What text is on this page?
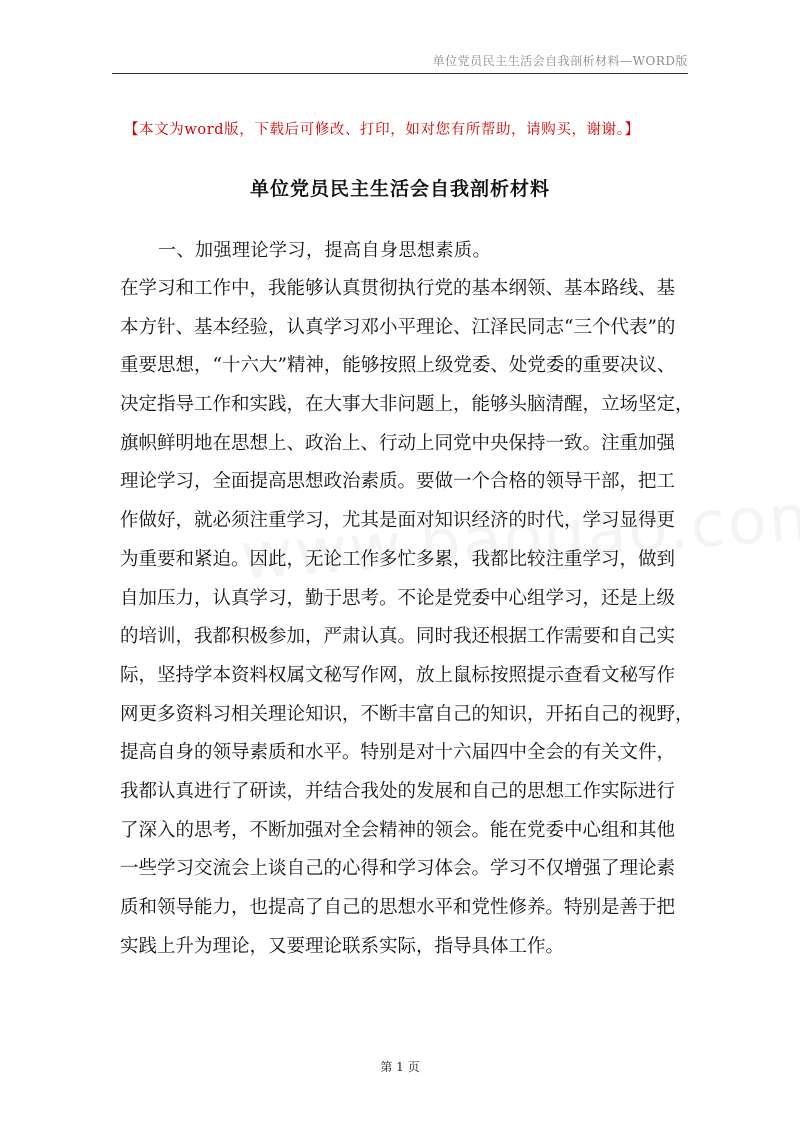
单位党员民主生活会自我剖析材料—WORD版
【本文为word版，下载后可修改、打印，如对您有所帮助，请购买，谢谢。】
单位党员民主生活会自我剖析材料
一、加强理论学习，提高自身思想素质。
在学习和工作中，我能够认真贯彻执行党的基本纲领、基本路线、基
本方针、基本经验，认真学习邓小平理论、江泽民同志“三个代表”的
重要思想，“十六大”精神，能够按照上级党委、处党委的重要决议、
决定指导工作和实践，在大事大非问题上，能够头脑清醒，立场坚定，
旗帜鲜明地在思想上、政治上、行动上同党中央保持一致。注重加强
理论学习，全面提高思想政治素质。要做一个合格的领导干部，把工
作做好，就必须注重学习，尤其是面对知识经济的时代，学习显得更
为重要和紧迫。因此，无论工作多忙多累，我都比较注重学习，做到
自加压力，认真学习，勤于思考。不论是党委中心组学习，还是上级
的培训，我都积极参加，严肃认真。同时我还根据工作需要和自己实
际，坚持学本资料权属文秘写作网，放上鼠标按照提示查看文秘写作
网更多资料习相关理论知识，不断丰富自己的知识，开拓自己的视野，
提高自身的领导素质和水平。特别是对十六届四中全会的有关文件，
我都认真进行了研读，并结合我处的发展和自己的思想工作实际进行
了深入的思考，不断加强对全会精神的领会。能在党委中心组和其他
一些学习交流会上谈自己的心得和学习体会。学习不仅增强了理论素
质和领导能力，也提高了自己的思想水平和党性修养。特别是善于把
实践上升为理论，又要理论联系实际，指导具体工作。
第 1 页
